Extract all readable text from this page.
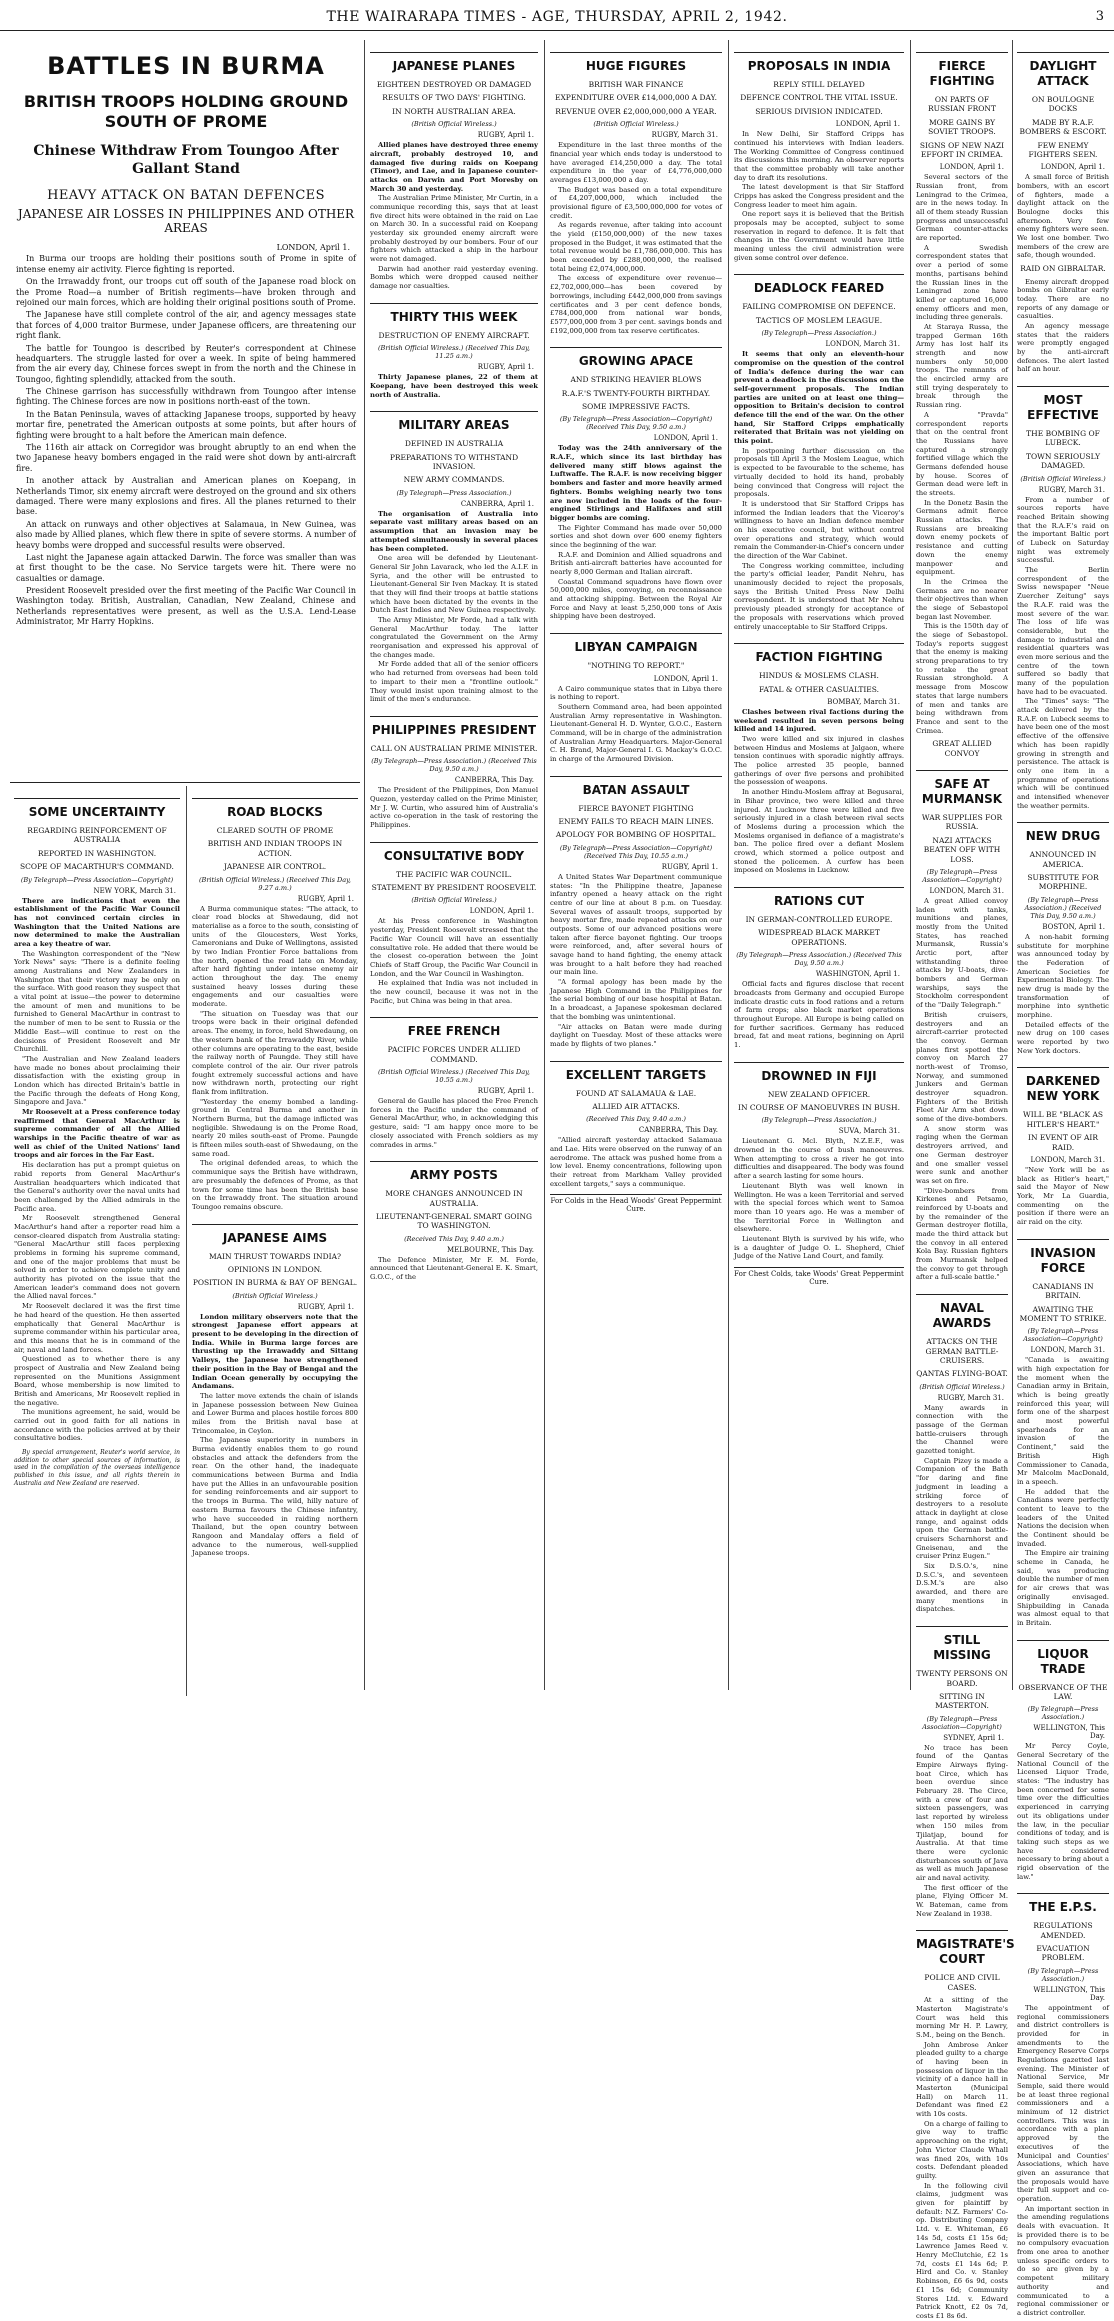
THE WAIRARAPA TIMES - AGE, THURSDAY, APRIL 2, 1942.	3
BATTLES IN BURMA
BRITISH TROOPS HOLDING GROUND SOUTH OF PROME
Chinese Withdraw From Toungoo After Gallant Stand
HEAVY ATTACK ON BATAN DEFENCES
JAPANESE AIR LOSSES IN PHILIPPINES AND OTHER AREAS
LONDON, April 1.

In Burma our troops are holding their positions south of Prome in spite of intense enemy air activity. Fierce fighting is reported.

On the Irrawaddy front, our troops cut off south of the Japanese road block on the Prome Road—a number of British regiments—have broken through and rejoined our main forces, which are holding their original positions south of Prome.

The Japanese have still complete control of the air, and agency messages state that forces of 4,000 traitor Burmese, under Japanese officers, are threatening our right flank.

The battle for Toungoo is described by Reuter's correspondent at Chinese headquarters. The struggle lasted for over a week. In spite of being hammered from the air every day, Chinese forces swept in from the north and the Chinese in Toungoo, fighting splendidly, attacked from the south.

The Chinese garrison has successfully withdrawn from Toungoo after intense fighting. The Chinese forces are now in positions north-east of the town.

In the Batan Peninsula, waves of attacking Japanese troops, supported by heavy mortar fire, penetrated the American outposts at some points, but after hours of fighting were brought to a halt before the American main defence.

The 116th air attack on Corregidor was brought abruptly to an end when the two Japanese heavy bombers engaged in the raid were shot down by anti-aircraft fire.

In another attack by Australian and American planes on Koepang, in Netherlands Timor, six enemy aircraft were destroyed on the ground and six others damaged. There were many explosions and fires. All the planes returned to their base.

An attack on runways and other objectives at Salamaua, in New Guinea, was also made by Allied planes, which flew there in spite of severe storms. A number of heavy bombs were dropped and successful results were observed.

Last night the Japanese again attacked Darwin. The force was smaller than was at first thought to be the case. No Service targets were hit. There were no casualties or damage.

President Roosevelt presided over the first meeting of the Pacific War Council in Washington today. British, Australian, Canadian, New Zealand, Chinese and Netherlands representatives were present, as well as the U.S.A. Lend-Lease Administrator, Mr Harry Hopkins.

SOME UNCERTAINTY
REGARDING REINFORCEMENT OF AUSTRALIA
REPORTED IN WASHINGTON.
SCOPE OF MACARTHUR'S COMMAND.
(By Telegraph—Press Association—Copyright)
NEW YORK, March 31.

There are indications that even the establishment of the Pacific War Council has not convinced certain circles in Washington that the United Nations are now determined to make the Australian area a key theatre of war.

The Washington correspondent of the "New York News" says: "There is a definite feeling among Australians and New Zealanders in Washington that their victory may be only on the surface. With good reason they suspect that a vital point at issue—the power to determine the amount of men and munitions to be furnished to General MacArthur in contrast to the number of men to be sent to Russia or the Middle East—will continue to rest on the decisions of President Roosevelt and Mr Churchill.

"The Australian and New Zealand leaders have made no bones about proclaiming their dissatisfaction with the existing group in London which has directed Britain's battle in the Pacific through the defeats of Hong Kong, Singapore and Java."

Mr Roosevelt at a Press conference today reaffirmed that General MacArthur is supreme commander of all the Allied warships in the Pacific theatre of war as well as chief of the United Nations' land troops and air forces in the Far East.

His declaration has put a prompt quietus on rabid reports from General MacArthur's Australian headquarters which indicated that the General's authority over the naval units had been challenged by the Allied admirals in the Pacific area.

Mr Roosevelt strengthened General MacArthur's hand after a reporter read him a censor-cleared dispatch from Australia stating: "General MacArthur still faces perplexing problems in forming his supreme command, and one of the major problems that must be solved in order to achieve complete unity and authority has pivoted on the issue that the American leader's command does not govern the Allied naval forces."

Mr Roosevelt declared it was the first time he had heard of the question. He then asserted emphatically that General MacArthur is supreme commander within his particular area, and this means that he is in command of the air, naval and land forces.

Questioned as to whether there is any prospect of Australia and New Zealand being represented on the Munitions Assignment Board, whose membership is now limited to British and Americans, Mr Roosevelt replied in the negative.

The munitions agreement, he said, would be carried out in good faith for all nations in accordance with the policies arrived at by their consultative bodies.

By special arrangement, Reuter's world service, in addition to other special sources of information, is used in the compilation of the overseas intelligence published in this issue, and all rights therein in Australia and New Zealand are reserved.

ROAD BLOCKS
CLEARED SOUTH OF PROME
BRITISH AND INDIAN TROOPS IN ACTION.
JAPANESE AIR CONTROL.
(British Official Wireless.) (Received This Day, 9.27 a.m.)
RUGBY, April 1.

A Burma communique states: "The attack, to clear road blocks at Shwedaung, did not materialise as a force to the south, consisting of units of the Gloucesters, West Yorks, Cameronians and Duke of Wellingtons, assisted by two Indian Frontier Force battalions from the north, opened the road late on Monday, after hard fighting under intense enemy air action throughout the day. The enemy sustained heavy losses during these engagements and our casualties were moderate.

"The situation on Tuesday was that our troops were back in their original defended areas. The enemy, in force, held Shwedaung, on the western bank of the Irrawaddy River, while other columns are operating to the east, beside the railway north of Paungde. They still have complete control of the air. Our river patrols fought extremely successful actions and have now withdrawn north, protecting our right flank from infiltration.

"Yesterday the enemy bombed a landing-ground in Central Burma and another in Northern Burma, but the damage inflicted was negligible. Shwedaung is on the Prome Road, nearly 20 miles south-east of Prome. Paungde is fifteen miles south-east of Shwedaung, on the same road.

The original defended areas, to which the communique says the British have withdrawn, are presumably the defences of Prome, as that town for some time has been the British base on the Irrawaddy front. The situation around Toungoo remains obscure.

JAPANESE AIMS
MAIN THRUST TOWARDS INDIA?
OPINIONS IN LONDON.
POSITION IN BURMA & BAY OF BENGAL.
(British Official Wireless.)
RUGBY, April 1.

London military observers note that the strongest Japanese effort appears at present to be developing in the direction of India. While in Burma large forces are thrusting up the Irrawaddy and Sittang Valleys, the Japanese have strengthened their position in the Bay of Bengal and the Indian Ocean generally by occupying the Andamans.

The latter move extends the chain of islands in Japanese possession between New Guinea and Lower Burma and places hostile forces 800 miles from the British naval base at Trincomalee, in Ceylon.

The Japanese superiority in numbers in Burma evidently enables them to go round obstacles and attack the defenders from the rear. On the other hand, the inadequate communications between Burma and India have put the Allies in an unfavourable position for sending reinforcements and air support to the troops in Burma. The wild, hilly nature of eastern Burma favours the Chinese infantry, who have succeeded in raiding northern Thailand, but the open country between Rangoon and Mandalay offers a field of advance to the numerous, well-supplied Japanese troops.

JAPANESE PLANES
EIGHTEEN DESTROYED OR DAMAGED
RESULTS OF TWO DAYS' FIGHTING.
IN NORTH AUSTRALIAN AREA.
(British Official Wireless.)
RUGBY, April 1.

Allied planes have destroyed three enemy aircraft, probably destroyed 10, and damaged five during raids on Koepang (Timor), and Lae, and in Japanese counter-attacks on Darwin and Port Moresby on March 30 and yesterday.

The Australian Prime Minister, Mr Curtin, in a communique recording this, says that at least five direct hits were obtained in the raid on Lae on March 30. In a successful raid on Koepang yesterday six grounded enemy aircraft were probably destroyed by our bombers. Four of our fighters which attacked a ship in the harbour were not damaged.

Darwin had another raid yesterday evening. Bombs which were dropped caused neither damage nor casualties.

THIRTY THIS WEEK
DESTRUCTION OF ENEMY AIRCRAFT.
(British Official Wireless.) (Received This Day, 11.25 a.m.)
RUGBY, April 1.

Thirty Japanese planes, 22 of them at Koepang, have been destroyed this week north of Australia.

MILITARY AREAS
DEFINED IN AUSTRALIA
PREPARATIONS TO WITHSTAND INVASION.
NEW ARMY COMMANDS.
(By Telegraph—Press Association.)
CANBERRA, April 1.

The organisation of Australia into separate vast military areas based on an assumption that an invasion may be attempted simultaneously in several places has been completed.

One area will be defended by Lieutenant-General Sir John Lavarack, who led the A.I.F. in Syria, and the other will be entrusted to Lieutenant-General Sir Iven Mackay. It is stated that they will find their troops at battle stations which have been dictated by the events in the Dutch East Indies and New Guinea respectively.

The Army Minister, Mr Forde, had a talk with General MacArthur today. The latter congratulated the Government on the Army reorganisation and expressed his approval of the changes made.

Mr Forde added that all of the senior officers who had returned from overseas had been told to impart to their men a "frontline outlook." They would insist upon training almost to the limit of the men's endurance.

PHILIPPINES PRESIDENT
CALL ON AUSTRALIAN PRIME MINISTER.
(By Telegraph—Press Association.) (Received This Day, 9.50 a.m.)
CANBERRA, This Day.

The President of the Philippines, Don Manuel Quezon, yesterday called on the Prime Minister, Mr J. W. Curtin, who assured him of Australia's active co-operation in the task of restoring the Philippines.

CONSULTATIVE BODY
THE PACIFIC WAR COUNCIL.
STATEMENT BY PRESIDENT ROOSEVELT.
(British Official Wireless.)
LONDON, April 1.

At his Press conference in Washington yesterday, President Roosevelt stressed that the Pacific War Council will have an essentially consultative role. He added that there would be the closest co-operation between the Joint Chiefs of Staff Group, the Pacific War Council in London, and the War Council in Washington.

He explained that India was not included in the new council, because it was not in the Pacific, but China was being in that area.

FREE FRENCH
PACIFIC FORCES UNDER ALLIED COMMAND.
(British Official Wireless.) (Received This Day, 10.55 a.m.)
RUGBY, April 1.

General de Gaulle has placed the Free French forces in the Pacific under the command of General MacArthur, who, in acknowledging this gesture, said: "I am happy once more to be closely associated with French soldiers as my comrades in arms."

ARMY POSTS
MORE CHANGES ANNOUNCED IN AUSTRALIA.
LIEUTENANT-GENERAL SMART GOING TO WASHINGTON.
(Received This Day, 9.40 a.m.)
MELBOURNE, This Day.

The Defence Minister, Mr F. M. Forde, announced that Lieutenant-General E. K. Smart, G.O.C., of the

HUGE FIGURES
BRITISH WAR FINANCE
EXPENDITURE OVER £14,000,000 A DAY.
REVENUE OVER £2,000,000,000 A YEAR.
(British Official Wireless.)
RUGBY, March 31.

Expenditure in the last three months of the financial year which ends today is understood to have averaged £14,250,000 a day. The total expenditure in the year of £4,776,000,000 averages £13,000,000 a day.

The Budget was based on a total expenditure of £4,207,000,000, which included the provisional figure of £3,500,000,000 for votes of credit.

As regards revenue, after taking into account the yield (£150,000,000) of the new taxes proposed in the Budget, it was estimated that the total revenue would be £1,786,000,000. This has been exceeded by £288,000,000, the realised total being £2,074,000,000.

The excess of expenditure over revenue—£2,702,000,000—has been covered by borrowings, including £442,000,000 from savings certificates and 3 per cent defence bonds, £784,000,000 from national war bonds, £577,000,000 from 3 per cent. savings bonds and £192,000,000 from tax reserve certificates.

GROWING APACE
AND STRIKING HEAVIER BLOWS
R.A.F.'S TWENTY-FOURTH BIRTHDAY.
SOME IMPRESSIVE FACTS.
(By Telegraph—Press Association—Copyright) (Received This Day, 9.50 a.m.)
LONDON, April 1.

Today was the 24th anniversary of the R.A.F., which since its last birthday has delivered many stiff blows against the Luftwaffe. The R.A.F. is now receiving bigger bombers and faster and more heavily armed fighters. Bombs weighing nearly two tons are now included in the loads of the four-engined Stirlings and Halifaxes and still bigger bombs are coming.

The Fighter Command has made over 50,000 sorties and shot down over 600 enemy fighters since the beginning of the war.

R.A.F. and Dominion and Allied squadrons and British anti-aircraft batteries have accounted for nearly 8,000 German and Italian aircraft.

Coastal Command squadrons have flown over 50,000,000 miles, convoying, on reconnaissance and attacking shipping. Between the Royal Air Force and Navy at least 5,250,000 tons of Axis shipping have been destroyed.

LIBYAN CAMPAIGN
"NOTHING TO REPORT."
LONDON, April 1.

A Cairo communique states that in Libya there is nothing to report.

Southern Command area, had been appointed Australian Army representative in Washington. Lieutenant-General H. D. Wynter, G.O.C., Eastern Command, will be in charge of the administration of Australian Army Headquarters. Major-General C. H. Brand, Major-General I. G. Mackay's G.O.C. in charge of the Armoured Division.

BATAN ASSAULT
FIERCE BAYONET FIGHTING
ENEMY FAILS TO REACH MAIN LINES.
APOLOGY FOR BOMBING OF HOSPITAL.
(By Telegraph—Press Association—Copyright) (Received This Day, 10.55 a.m.)
RUGBY, April 1.

A United States War Department communique states: "In the Philippine theatre, Japanese infantry opened a heavy attack on the right centre of our line at about 8 p.m. on Tuesday. Several waves of assault troops, supported by heavy mortar fire, made repeated attacks on our outposts. Some of our advanced positions were taken after fierce bayonet fighting. Our troops were reinforced, and, after several hours of savage hand to hand fighting, the enemy attack was brought to a halt before they had reached our main line.

"A formal apology has been made by the Japanese High Command in the Philippines for the serial bombing of our base hospital at Batan. In a broadcast, a Japanese spokesman declared that the bombing was unintentional.

"Air attacks on Batan were made during daylight on Tuesday. Most of these attacks were made by flights of two planes."

EXCELLENT TARGETS
FOUND AT SALAMAUA & LAE.
ALLIED AIR ATTACKS.
(Received This Day, 9.40 a.m.)
CANBERRA, This Day.

"Allied aircraft yesterday attacked Salamaua and Lae. Hits were observed on the runway of an aerodrome. The attack was pushed home from a low level. Enemy concentrations, following upon their retreat from Markham Valley provided excellent targets," says a communique.

For Colds in the Head Woods' Great Peppermint Cure.
PROPOSALS IN INDIA
REPLY STILL DELAYED
DEFENCE CONTROL THE VITAL ISSUE.
SERIOUS DIVISION INDICATED.
LONDON, April 1.

In New Delhi, Sir Stafford Cripps has continued his interviews with Indian leaders. The Working Committee of Congress continued its discussions this morning. An observer reports that the committee probably will take another day to draft its resolutions.

The latest development is that Sir Stafford Cripps has asked the Congress president and the Congress leader to meet him again.

One report says it is believed that the British proposals may be accepted, subject to some reservation in regard to defence. It is felt that changes in the Government would have little meaning unless the civil administration were given some control over defence.

DEADLOCK FEARED
FAILING COMPROMISE ON DEFENCE.
TACTICS OF MOSLEM LEAGUE.
(By Telegraph—Press Association.)
LONDON, March 31.

It seems that only an eleventh-hour compromise on the question of the control of India's defence during the war can prevent a deadlock in the discussions on the self-government proposals. The Indian parties are united on at least one thing—opposition to Britain's decision to control defence till the end of the war. On the other hand, Sir Stafford Cripps emphatically reiterated that Britain was not yielding on this point.

In postponing further discussion on the proposals till April 3 the Moslem League, which is expected to be favourable to the scheme, has virtually decided to hold its hand, probably being convinced that Congress will reject the proposals.

It is understood that Sir Stafford Cripps has informed the Indian leaders that the Viceroy's willingness to have an Indian defence member on his executive council, but without control over operations and strategy, which would remain the Commander-in-Chief's concern under the direction of the War Cabinet.

The Congress working committee, including the party's official leader, Pandit Nehru, has unanimously decided to reject the proposals, says the British United Press New Delhi correspondent. It is understood that Mr Nehru previously pleaded strongly for acceptance of the proposals with reservations which proved entirely unacceptable to Sir Stafford Cripps.

FACTION FIGHTING
HINDUS & MOSLEMS CLASH.
FATAL & OTHER CASUALTIES.
BOMBAY, March 31.

Clashes between rival factions during the weekend resulted in seven persons being killed and 14 injured.

Two were killed and six injured in clashes between Hindus and Moslems at Jalgaon, where tension continues with sporadic nightly affrays. The police arrested 35 people, banned gatherings of over five persons and prohibited the possession of weapons.

In another Hindu-Moslem affray at Begusarai, in Bihar province, two were killed and three injured. At Lucknow three were killed and five seriously injured in a clash between rival sects of Moslems during a procession which the Moslems organised in defiance of a magistrate's ban. The police fired over a defiant Moslem crowd, which stormed a police outpost and stoned the policemen. A curfew has been imposed on Moslems in Lucknow.

RATIONS CUT
IN GERMAN-CONTROLLED EUROPE.
WIDESPREAD BLACK MARKET OPERATIONS.
(By Telegraph—Press Association.) (Received This Day, 9.50 a.m.)
WASHINGTON, April 1.

Official facts and figures disclose that recent broadcasts from Germany and occupied Europe indicate drastic cuts in food rations and a return of farm crops; also black market operations throughout Europe. All Europe is being called on for further sacrifices. Germany has reduced bread, fat and meat rations, beginning on April 1.

DROWNED IN FIJI
NEW ZEALAND OFFICER.
IN COURSE OF MANOEUVRES IN BUSH.
(By Telegraph—Press Association.)
SUVA, March 31.

Lieutenant G. Mcl. Blyth, N.Z.E.F., was drowned in the course of bush manoeuvres. When attempting to cross a river he got into difficulties and disappeared. The body was found after a search lasting for some hours.

Lieutenant Blyth was well known in Wellington. He was a keen Territorial and served with the special forces which went to Samoa more than 10 years ago. He was a member of the Territorial Force in Wellington and elsewhere.

Lieutenant Blyth is survived by his wife, who is a daughter of Judge O. L. Shepherd, Chief Judge of the Native Land Court, and family.

For Chest Colds, take Woods' Great Peppermint Cure.
FIERCE FIGHTING
ON PARTS OF RUSSIAN FRONT
MORE GAINS BY SOVIET TROOPS.
SIGNS OF NEW NAZI EFFORT IN CRIMEA.
LONDON, April 1.

Several sectors of the Russian front, from Leningrad to the Crimea, are in the news today. In all of them steady Russian progress and unsuccessful German counter-attacks are reported.

A Swedish correspondent states that over a period of some months, partisans behind the Russian lines in the Leningrad zone have killed or captured 16,000 enemy officers and men, including three generals.

At Staraya Russa, the trapped German 16th Army has lost half its strength and now numbers only 50,000 troops. The remnants of the encircled army are still trying desperately to break through the Russian ring.

A "Pravda" correspondent reports that on the central front the Russians have captured a strongly fortified village which the Germans defended house by house. Scores of German dead were left in the streets.

In the Donetz Basin the Germans admit fierce Russian attacks. The Russians are breaking down enemy pockets of resistance and cutting down the enemy manpower and equipment.

In the Crimea the Germans are no nearer their objectives than when the siege of Sebastopol began last November.

This is the 150th day of the siege of Sebastopol. Today's reports suggest that the enemy is making strong preparations to try to retake the great Russian stronghold. A message from Moscow states that large numbers of men and tanks are being withdrawn from France and sent to the Crimea.

GREAT ALLIED CONVOY
SAFE AT MURMANSK
WAR SUPPLIES FOR RUSSIA.
NAZI ATTACKS BEATEN OFF WITH LOSS.
(By Telegraph—Press Association—Copyright)
LONDON, March 31.

A great Allied convoy laden with tanks, munitions and planes, mostly from the United States, has reached Murmansk, Russia's Arctic port, after withstanding three attacks by U-boats, dive-bombers and German warships, says the Stockholm correspondent of the "Daily Telegraph."

British cruisers, destroyers and an aircraft-carrier protected the convoy. German planes first spotted the convoy on March 27 north-west of Tromso, Norway, and summoned Junkers and German destroyer squadron. Fighters of the British Fleet Air Arm shot down some of the dive-bombers.

A snow storm was raging when the German destroyers arrived, and one German destroyer and one smaller vessel were sunk and another was set on fire.

"Dive-bombers from Kirkenes and Petsamo, reinforced by U-boats and by the remainder of the German destroyer flotilla, made the third attack but the convoy in all entered Kola Bay. Russian fighters from Murmansk helped the convoy to get through after a full-scale battle."

NAVAL AWARDS
ATTACKS ON THE GERMAN BATTLE-CRUISERS.
QANTAS FLYING-BOAT.
(British Official Wireless.)
RUGBY, March 31.

Many awards in connection with the passage of the German battle-cruisers through the Channel were gazetted tonight.

Captain Pizey is made a Companion of the Bath "for daring and fine judgment in leading a striking force of destroyers to a resolute attack in daylight at close range, and against odds upon the German battle-cruisers Scharnhorst and Gneisenau, and the cruiser Prinz Eugen."

Six D.S.O.'s, nine D.S.C.'s, and seventeen D.S.M.'s are also awarded, and there are many mentions in dispatches.

STILL MISSING
TWENTY PERSONS ON BOARD.
SITTING IN MASTERTON.
(By Telegraph—Press Association—Copyright)
SYDNEY, April 1.

No trace has been found of the Qantas Empire Airways flying-boat Circe, which has been overdue since February 28. The Circe, with a crew of four and sixteen passengers, was last reported by wireless when 150 miles from Tjilatjap, bound for Australia. At that time there were cyclonic disturbances south of Java as well as much Japanese air and naval activity.

The first officer of the plane, Flying Officer M. W. Bateman, came from New Zealand in 1938.

MAGISTRATE'S COURT
POLICE AND CIVIL CASES.

At a sitting of the Masterton Magistrate's Court was held this morning Mr H. P. Lawry, S.M., being on the Bench.

John Ambrose Anker pleaded guilty to a charge of having been in possession of liquor in the vicinity of a dance hall in Masterton (Municipal Hall) on March 11. Defendant was fined £2 with 10s costs.

On a charge of failing to give way to traffic approaching on the right, John Victor Claude Whall was fined 20s, with 10s costs. Defendant pleaded guilty.

In the following civil claims, judgment was given for plaintiff by default: N.Z. Farmers' Co-op. Distributing Company Ltd. v. E. Whiteman, £6 14s 5d, costs £1 15s 6d; Lawrence James Reed v. Henry McClutchie, £2 1s 7d, costs £1 14s 6d; P. Hird and Co. v. Stanley Robinson, £6 6s 9d, costs £1 15s 6d; Community Stores Ltd. v. Edward Patrick Knott, £2 0s 7d, costs £1 8s 6d.

DAYLIGHT ATTACK
ON BOULOGNE DOCKS
MADE BY R.A.F. BOMBERS & ESCORT.
FEW ENEMY FIGHTERS SEEN.
LONDON, April 1.

A small force of British bombers, with an escort of fighters, made a daylight attack on the Boulogne docks this afternoon. Very few enemy fighters were seen. We lost one bomber. Two members of the crew are safe, though wounded.

RAID ON GIBRALTAR.

Enemy aircraft dropped bombs on Gibraltar early today. There are no reports of any damage or casualties.

An agency message states that the raiders were promptly engaged by the anti-aircraft defences. The alert lasted half an hour.

MOST EFFECTIVE
THE BOMBING OF LUBECK.
TOWN SERIOUSLY DAMAGED.
(British Official Wireless.)
RUGBY, March 31.

From a number of sources reports have reached Britain showing that the R.A.F.'s raid on the important Baltic port of Lubeck on Saturday night was extremely successful.

The Berlin correspondent of the Swiss newspaper "Neue Zuercher Zeitung" says the R.A.F. raid was the most severe of the war. The loss of life was considerable, but the damage to industrial and residential quarters was even more serious and the centre of the town suffered so badly that many of the population have had to be evacuated.

The "Times" says: "The attack delivered by the R.A.F. on Lubeck seems to have been one of the most effective of the offensive which has been rapidly growing in strength and persistence. The attack is only one item in a programme of operations which will be continued and intensified whenever the weather permits.

NEW DRUG
ANNOUNCED IN AMERICA.
SUBSTITUTE FOR MORPHINE.
(By Telegraph—Press Association.) (Received This Day, 9.50 a.m.)
BOSTON, April 1.

A non-habit forming substitute for morphine was announced today by the Federation of American Societies for Experimental Biology. The new drug is made by the transformation of morphine into synthetic morphine.

Detailed effects of the new drug on 100 cases were reported by two New York doctors.

DARKENED NEW YORK
WILL BE "BLACK AS HITLER'S HEART."
IN EVENT OF AIR RAID.
LONDON, March 31.

"New York will be as black as Hitler's heart," said the Mayor of New York, Mr La Guardia, commenting on the position if there were an air raid on the city.

INVASION FORCE
CANADIANS IN BRITAIN.
AWAITING THE MOMENT TO STRIKE.
(By Telegraph—Press Association—Copyright)
LONDON, March 31.

"Canada is awaiting with high expectation for the moment when the Canadian army in Britain, which is being greatly reinforced this year, will form one of the sharpest and most powerful spearheads for an invasion of the Continent," said the British High Commissioner to Canada, Mr Malcolm MacDonald, in a speech.

He added that the Canadians were perfectly content to leave to the leaders of the United Nations the decision when the Continent should be invaded.

The Empire air training scheme in Canada, he said, was producing double the number of men for air crews that was originally envisaged. Shipbuilding in Canada was almost equal to that in Britain.

LIQUOR TRADE
OBSERVANCE OF THE LAW.
(By Telegraph—Press Association.)
WELLINGTON, This Day.

Mr Percy Coyle, General Secretary of the National Council of the Licensed Liquor Trade, states: "The industry has been concerned for some time over the difficulties experienced in carrying out its obligations under the law, in the peculiar conditions of today, and is taking such steps as we have considered necessary to bring about a rigid observation of the law."

THE E.P.S.
REGULATIONS AMENDED.
EVACUATION PROBLEM.
(By Telegraph—Press Association.)
WELLINGTON, This Day.

The appointment of regional commissioners and district controllers is provided for in amendments to the Emergency Reserve Corps Regulations gazetted last evening. The Minister of National Service, Mr Semple, said there would be at least three regional commissioners and a minimum of 12 district controllers. This was in accordance with a plan approved by the executives of the Municipal and Counties' Associations, which have given an assurance that the proposals would have their full support and co-operation.

An important section in the amending regulations deals with evacuation. It is provided there is to be no compulsory evacuation from one area to another unless specific orders to do so are given by a competent military authority and communicated to a regional commissioner or a district controller.
